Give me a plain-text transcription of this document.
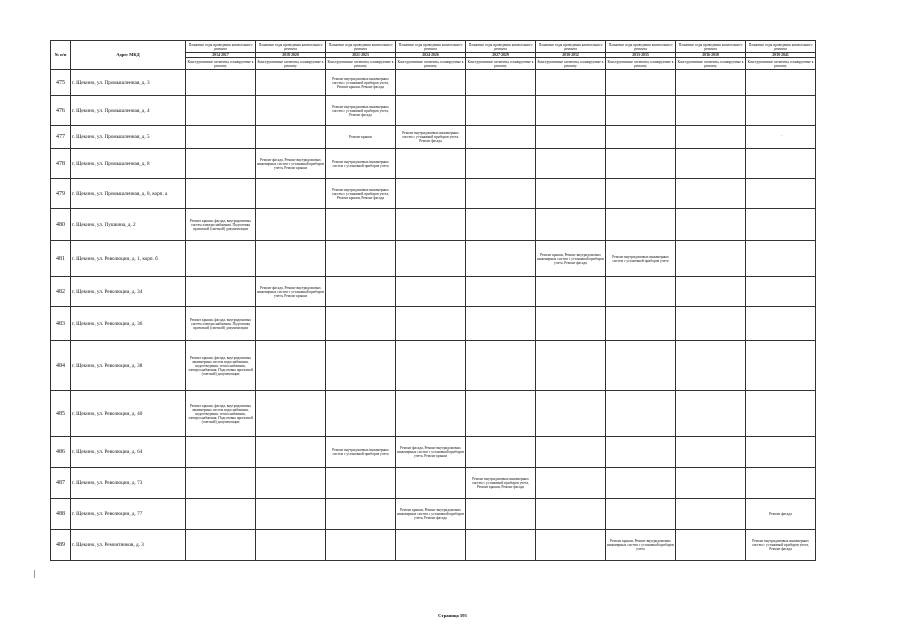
№ п/п	Адрес МКД	Плановые годы проведения капитального ремонта	Плановые годы проведения капитального ремонта	Плановые годы проведения капитального ремонта	Плановые годы проведения капитального ремонта	Плановые годы проведения капитального ремонта	Плановые годы проведения капитального ремонта	Плановые годы проведения капитального ремонта	Плановые годы проведения капитального ремонта	Плановые годы проведения капитального ремонта
		2014-2017	2018-2020	2021-2023	2024-2026	2027-2029	2030-2032	2033-2035	2036-2038	2039-2041
		Конструктивные элементы, планируемые к ремонту	Конструктивные элементы, планируемые к ремонту	Конструктивные элементы, планируемые к ремонту	Конструктивные элементы, планируемые к ремонту	Конструктивные элементы, планируемые к ремонту	Конструктивные элементы, планируемые к ремонту	Конструктивные элементы, планируемые к ремонту	Конструктивные элементы, планируемые к ремонту	Конструктивные элементы, планируемые к ремонту
475	г. Щекино, ул. Промышленная, д. 3			Ремонт внутридомовых инженерных систем с установкой приборов учета, Ремонт крыши, Ремонт фасада						
476	г. Щекино, ул. Промышленная, д. 4			Ремонт внутридомовых инженерных систем с установкой приборов учета, Ремонт фасада						
477	г. Щекино, ул. Промышленная, д. 5			Ремонт крыши	Ремонт внутридомовых инженерных систем с установкой приборов учета, Ремонт фасада					
478	г. Щекино, ул. Промышленная, д. 8		Ремонт фасада, Ремонт внутридомовых инженерных систем с установкой приборов учета, Ремонт крыши	Ремонт внутридомовых инженерных систем с установкой приборов учета						
479	г. Щекино, ул. Промышленная, д. 8, корп. а			Ремонт внутридомовых инженерных систем с установкой приборов учета, Ремонт крыши, Ремонт фасада						
480	г. Щекино, ул. Пушкина, д. 2	Ремонт крыши, фасада, внутридомовых систем электроснабжения. Подготовка проектной (сметной) документации								
481	г. Щекино, ул. Революции, д. 1, корп. б						Ремонт крыши, Ремонт внутридомовых инженерных систем с установкой приборов учета, Ремонт фасада	Ремонт внутридомовых инженерных систем с установкой приборов учета		
482	г. Щекино, ул. Революции, д. 34		Ремонт фасада, Ремонт внутридомовых инженерных систем с установкой приборов учета, Ремонт крыши							
483	г. Щекино, ул. Революции, д. 36	Ремонт крыши, фасада, внутридомовых систем электроснабжения. Подготовка проектной (сметной) документации								
484	г. Щекино, ул. Революции, д. 38	Ремонт крыши, фасада, внутридомовых инженерных систем водоснабжения, водоотведения, теплоснабжения, электроснабжения. Подготовка проектной (сметной) документации								
485	г. Щекино, ул. Революции, д. 40	Ремонт крыши, фасада, внутридомовых инженерных систем водоснабжения, водоотведения, теплоснабжения, электроснабжения. Подготовка проектной (сметной) документации								
486	г. Щекино, ул. Революции, д. 64			Ремонт внутридомовых инженерных систем с установкой приборов учета	Ремонт фасада, Ремонт внутридомовых инженерных систем с установкой приборов учета, Ремонт крыши					
487	г. Щекино, ул. Революции, д. 73					Ремонт внутридомовых инженерных систем с установкой приборов учета, Ремонт крыши, Ремонт фасада				
488	г. Щекино, ул. Революции, д. 77				Ремонт крыши, Ремонт внутридомовых инженерных систем с установкой приборов учета, Ремонт фасада					Ремонт фасада
489	г. Щекино, ул. Ремонтников, д. 3							Ремонт крыши, Ремонт внутридомовых инженерных систем с установкой приборов учета		Ремонт внутридомовых инженерных систем с установкой приборов учета, Ремонт фасада
·
Страница 593
